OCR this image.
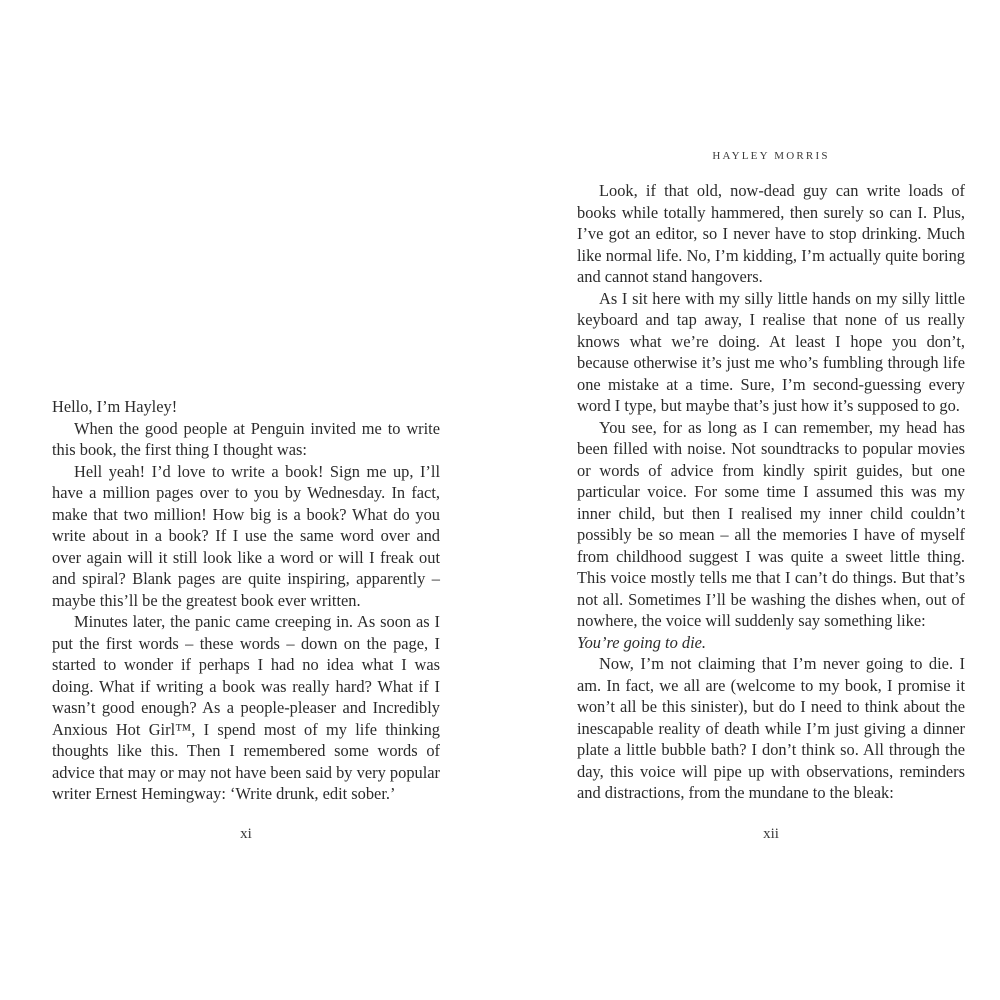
Hello, I’m Hayley!

When the good people at Penguin invited me to write this book, the first thing I thought was:

Hell yeah! I’d love to write a book! Sign me up, I’ll have a million pages over to you by Wednesday. In fact, make that two million! How big is a book? What do you write about in a book? If I use the same word over and over again will it still look like a word or will I freak out and spiral? Blank pages are quite inspiring, apparently – maybe this’ll be the greatest book ever written.

Minutes later, the panic came creeping in. As soon as I put the first words – these words – down on the page, I started to wonder if perhaps I had no idea what I was doing. What if writing a book was really hard? What if I wasn’t good enough? As a people-pleaser and Incredibly Anxious Hot Girl™, I spend most of my life thinking thoughts like this. Then I remembered some words of advice that may or may not have been said by very popular writer Ernest Hemingway: ‘Write drunk, edit sober.’

xi
HAYLEY MORRIS

Look, if that old, now-dead guy can write loads of books while totally hammered, then surely so can I. Plus, I’ve got an editor, so I never have to stop drinking. Much like normal life. No, I’m kidding, I’m actually quite boring and cannot stand hangovers.

As I sit here with my silly little hands on my silly little keyboard and tap away, I realise that none of us really knows what we’re doing. At least I hope you don’t, because otherwise it’s just me who’s fumbling through life one mistake at a time. Sure, I’m second-guessing every word I type, but maybe that’s just how it’s supposed to go.

You see, for as long as I can remember, my head has been filled with noise. Not soundtracks to popular movies or words of advice from kindly spirit guides, but one particular voice. For some time I assumed this was my inner child, but then I realised my inner child couldn’t possibly be so mean – all the memories I have of myself from childhood suggest I was quite a sweet little thing. This voice mostly tells me that I can’t do things. But that’s not all. Sometimes I’ll be washing the dishes when, out of nowhere, the voice will suddenly say something like:

You’re going to die.

Now, I’m not claiming that I’m never going to die. I am. In fact, we all are (welcome to my book, I promise it won’t all be this sinister), but do I need to think about the inescapable reality of death while I’m just giving a dinner plate a little bubble bath? I don’t think so. All through the day, this voice will pipe up with observations, reminders and distractions, from the mundane to the bleak:

xii
